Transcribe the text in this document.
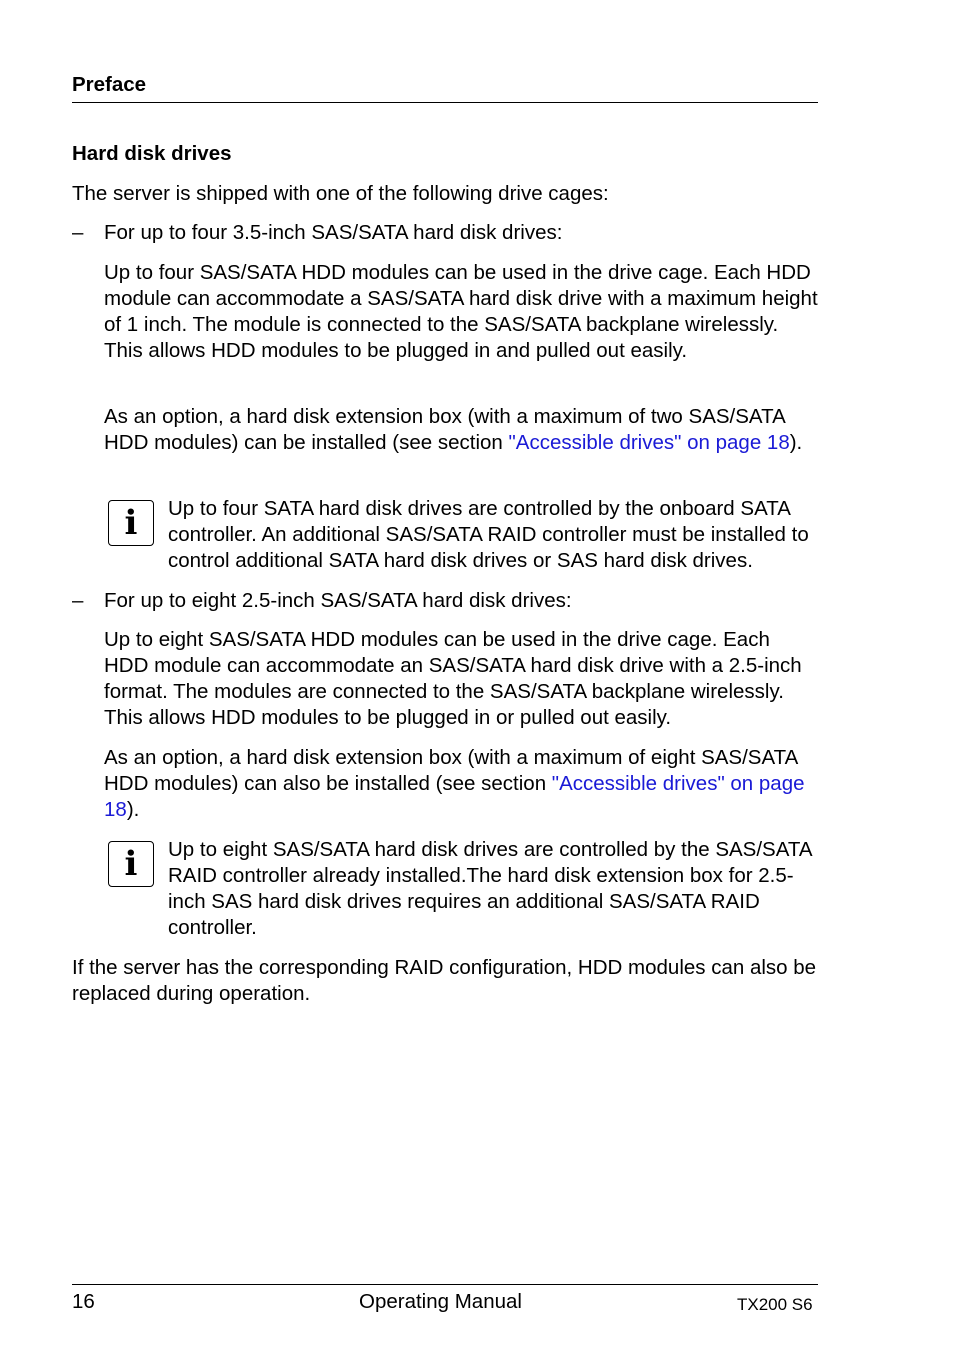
Preface
Hard disk drives

The server is shipped with one of the following drive cages:

–	For up to four 3.5-inch SAS/SATA hard disk drives:

Up to four SAS/SATA HDD modules can be used in the drive cage. Each HDD module can accommodate a SAS/SATA hard disk drive with a maximum height of 1 inch. The module is connected to the SAS/SATA backplane wirelessly. This allows HDD modules to be plugged in and pulled out easily.

As an option, a hard disk extension box (with a maximum of two SAS/SATA HDD modules) can be installed (see section "Accessible drives" on page 18).

i	Up to four SATA hard disk drives are controlled by the onboard SATA controller. An additional SAS/SATA RAID controller must be installed to control additional SATA hard disk drives or SAS hard disk drives.

–	For up to eight 2.5-inch SAS/SATA hard disk drives:

Up to eight SAS/SATA HDD modules can be used in the drive cage. Each HDD module can accommodate an SAS/SATA hard disk drive with a 2.5-inch format. The modules are connected to the SAS/SATA backplane wirelessly. This allows HDD modules to be plugged in or pulled out easily.

As an option, a hard disk extension box (with a maximum of eight SAS/SATA HDD modules) can also be installed (see section "Accessible drives" on page 18).

i	Up to eight SAS/SATA hard disk drives are controlled by the SAS/SATA RAID controller already installed.The hard disk extension box for 2.5-inch SAS hard disk drives requires an additional SAS/SATA RAID controller.

If the server has the corresponding RAID configuration, HDD modules can also be replaced during operation.

16	Operating Manual	TX200 S6
